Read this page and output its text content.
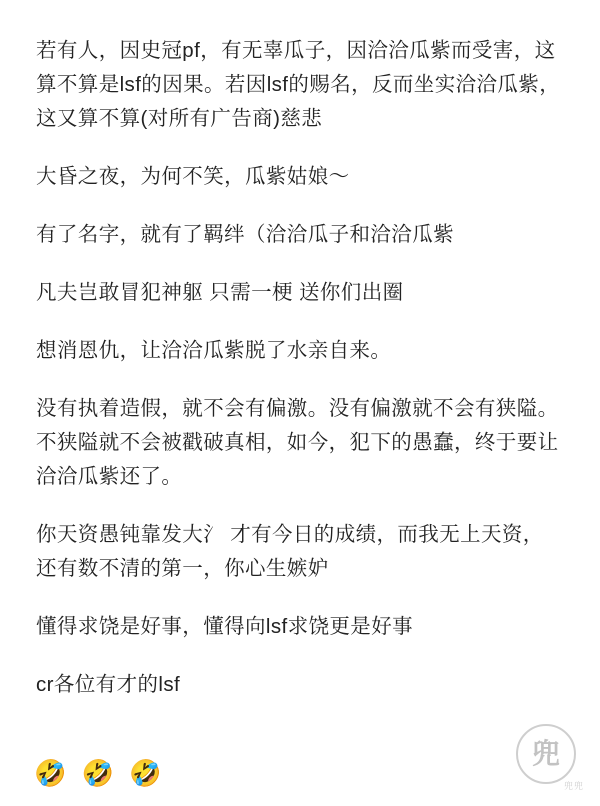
若有人，因史冠pf，有无辜瓜子，因洽洽瓜紫而受害，这算不算是lsf的因果。若因lsf的赐名，反而坐实洽洽瓜紫，这又算不算(对所有广告商)慈悲

大昏之夜，为何不笑，瓜紫姑娘～

有了名字，就有了羁绊（洽洽瓜子和洽洽瓜紫

凡夫岂敢冒犯神躯 只需一梗 送你们出圈

想消恩仇，让洽洽瓜紫脱了水亲自来。

没有执着造假，就不会有偏激。没有偏激就不会有狭隘。不狭隘就不会被戳破真相，如今，犯下的愚蠢，终于要让洽洽瓜紫还了。

你天资愚钝靠发大氵 才有今日的成绩，而我无上天资，还有数不清的第一，你心生嫉妒

懂得求饶是好事，懂得向lsf求饶更是好事

cr各位有才的lsf

🤣 🤣 🤣
兜
兜兜
